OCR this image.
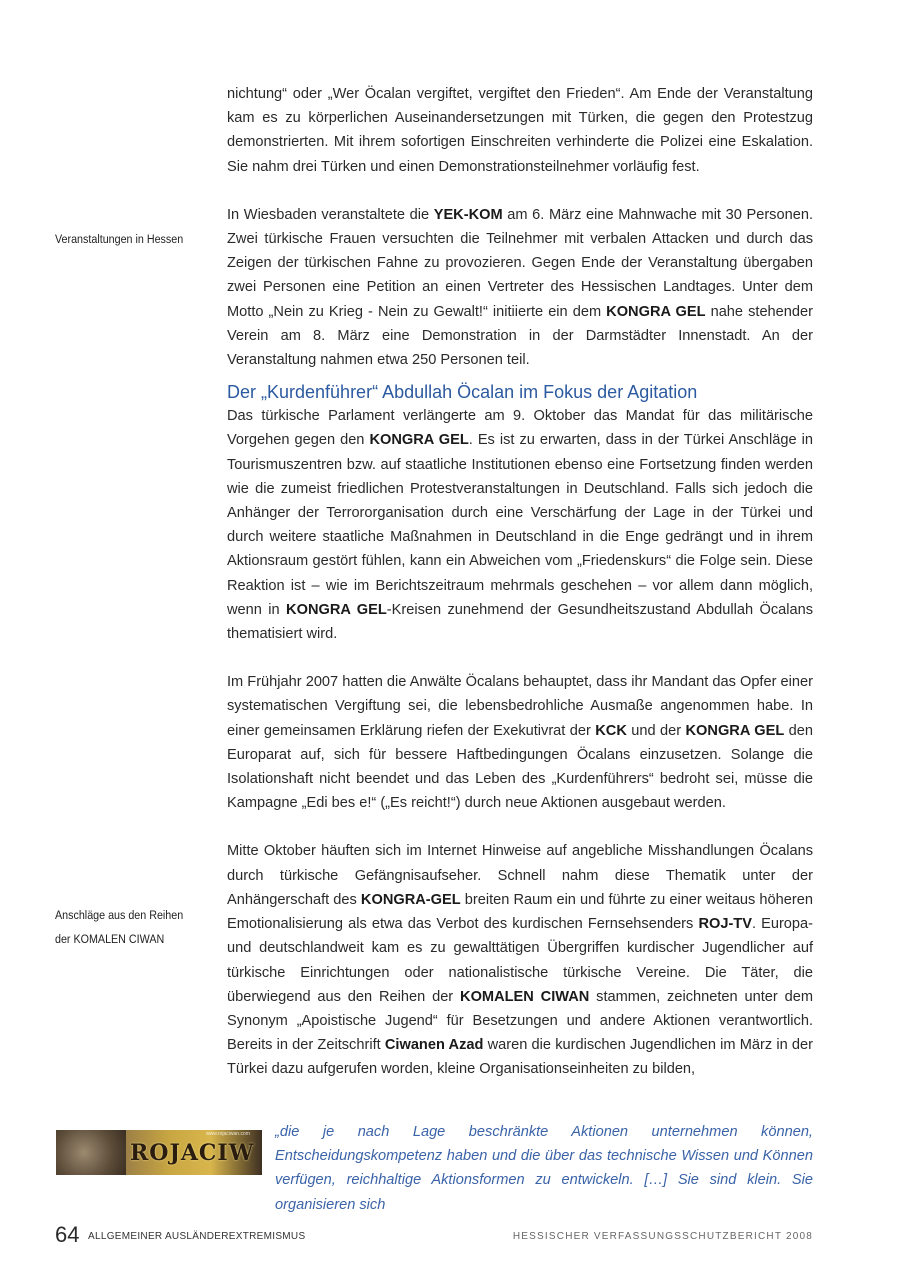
Veranstaltungen in Hessen
Anschläge aus den Reihen
der KOMALEN CIWAN

nichtung“ oder „Wer Öcalan vergiftet, vergiftet den Frieden“. Am Ende der Veranstaltung kam es zu körperlichen Auseinandersetzungen mit Türken, die gegen den Protestzug demonstrierten. Mit ihrem sofortigen Einschreiten verhinderte die Polizei eine Eskalation. Sie nahm drei Türken und einen Demonstrationsteilnehmer vorläufig fest.

In Wiesbaden veranstaltete die YEK-KOM am 6. März eine Mahnwache mit 30 Personen. Zwei türkische Frauen versuchten die Teilnehmer mit verbalen Attacken und durch das Zeigen der türkischen Fahne zu provozieren. Gegen Ende der Veranstaltung übergaben zwei Personen eine Petition an einen Vertreter des Hessischen Landtages. Unter dem Motto „Nein zu Krieg - Nein zu Gewalt!“ initiierte ein dem KONGRA GEL nahe stehender Verein am 8. März eine Demonstration in der Darmstädter Innenstadt. An der Veranstaltung nahmen etwa 250 Personen teil.

Der „Kurdenführer“ Abdullah Öcalan im Fokus der Agitation

Das türkische Parlament verlängerte am 9. Oktober das Mandat für das militärische Vorgehen gegen den KONGRA GEL. Es ist zu erwarten, dass in der Türkei Anschläge in Tourismuszentren bzw. auf staatliche Institutionen ebenso eine Fortsetzung finden werden wie die zumeist friedlichen Protestveranstaltungen in Deutschland. Falls sich jedoch die Anhänger der Terrororganisation durch eine Verschärfung der Lage in der Türkei und durch weitere staatliche Maßnahmen in Deutschland in die Enge gedrängt und in ihrem Aktionsraum gestört fühlen, kann ein Abweichen vom „Friedenskurs“ die Folge sein. Diese Reaktion ist – wie im Berichtszeitraum mehrmals geschehen – vor allem dann möglich, wenn in KONGRA GEL-Kreisen zunehmend der Gesundheitszustand Abdullah Öcalans thematisiert wird.

Im Frühjahr 2007 hatten die Anwälte Öcalans behauptet, dass ihr Mandant das Opfer einer systematischen Vergiftung sei, die lebensbedrohliche Ausmaße angenommen habe. In einer gemeinsamen Erklärung riefen der Exekutivrat der KCK und der KONGRA GEL den Europarat auf, sich für bessere Haftbedingungen Öcalans einzusetzen. Solange die Isolationshaft nicht beendet und das Leben des „Kurdenführers“ bedroht sei, müsse die Kampagne „Edi bes e!“ („Es reicht!“) durch neue Aktionen ausgebaut werden.

Mitte Oktober häuften sich im Internet Hinweise auf angebliche Misshandlungen Öcalans durch türkische Gefängnisaufseher. Schnell nahm diese Thematik unter der Anhängerschaft des KONGRA-GEL breiten Raum ein und führte zu einer weitaus höheren Emotionalisierung als etwa das Verbot des kurdischen Fernsehsenders ROJ-TV. Europa- und deutschlandweit kam es zu gewalttätigen Übergriffen kurdischer Jugendlicher auf türkische Einrichtungen oder nationalistische türkische Vereine. Die Täter, die überwiegend aus den Reihen der KOMALEN CIWAN stammen, zeichneten unter dem Synonym „Apoistische Jugend“ für Besetzungen und andere Aktionen verantwortlich. Bereits in der Zeitschrift Ciwanen Azad waren die kurdischen Jugendlichen im März in der Türkei dazu aufgerufen worden, kleine Organisationseinheiten zu bilden,

www.rojaciwan.com
ROJACIW

„die je nach Lage beschränkte Aktionen unternehmen können, Entscheidungskompetenz haben und die über das technische Wissen und Können verfügen, reichhaltige Aktionsformen zu entwickeln. […] Sie sind klein. Sie organisieren sich

64 ALLGEMEINER AUSLÄNDEREXTREMISMUS	HESSISCHER VERFASSUNGSSCHUTZBERICHT 2008
